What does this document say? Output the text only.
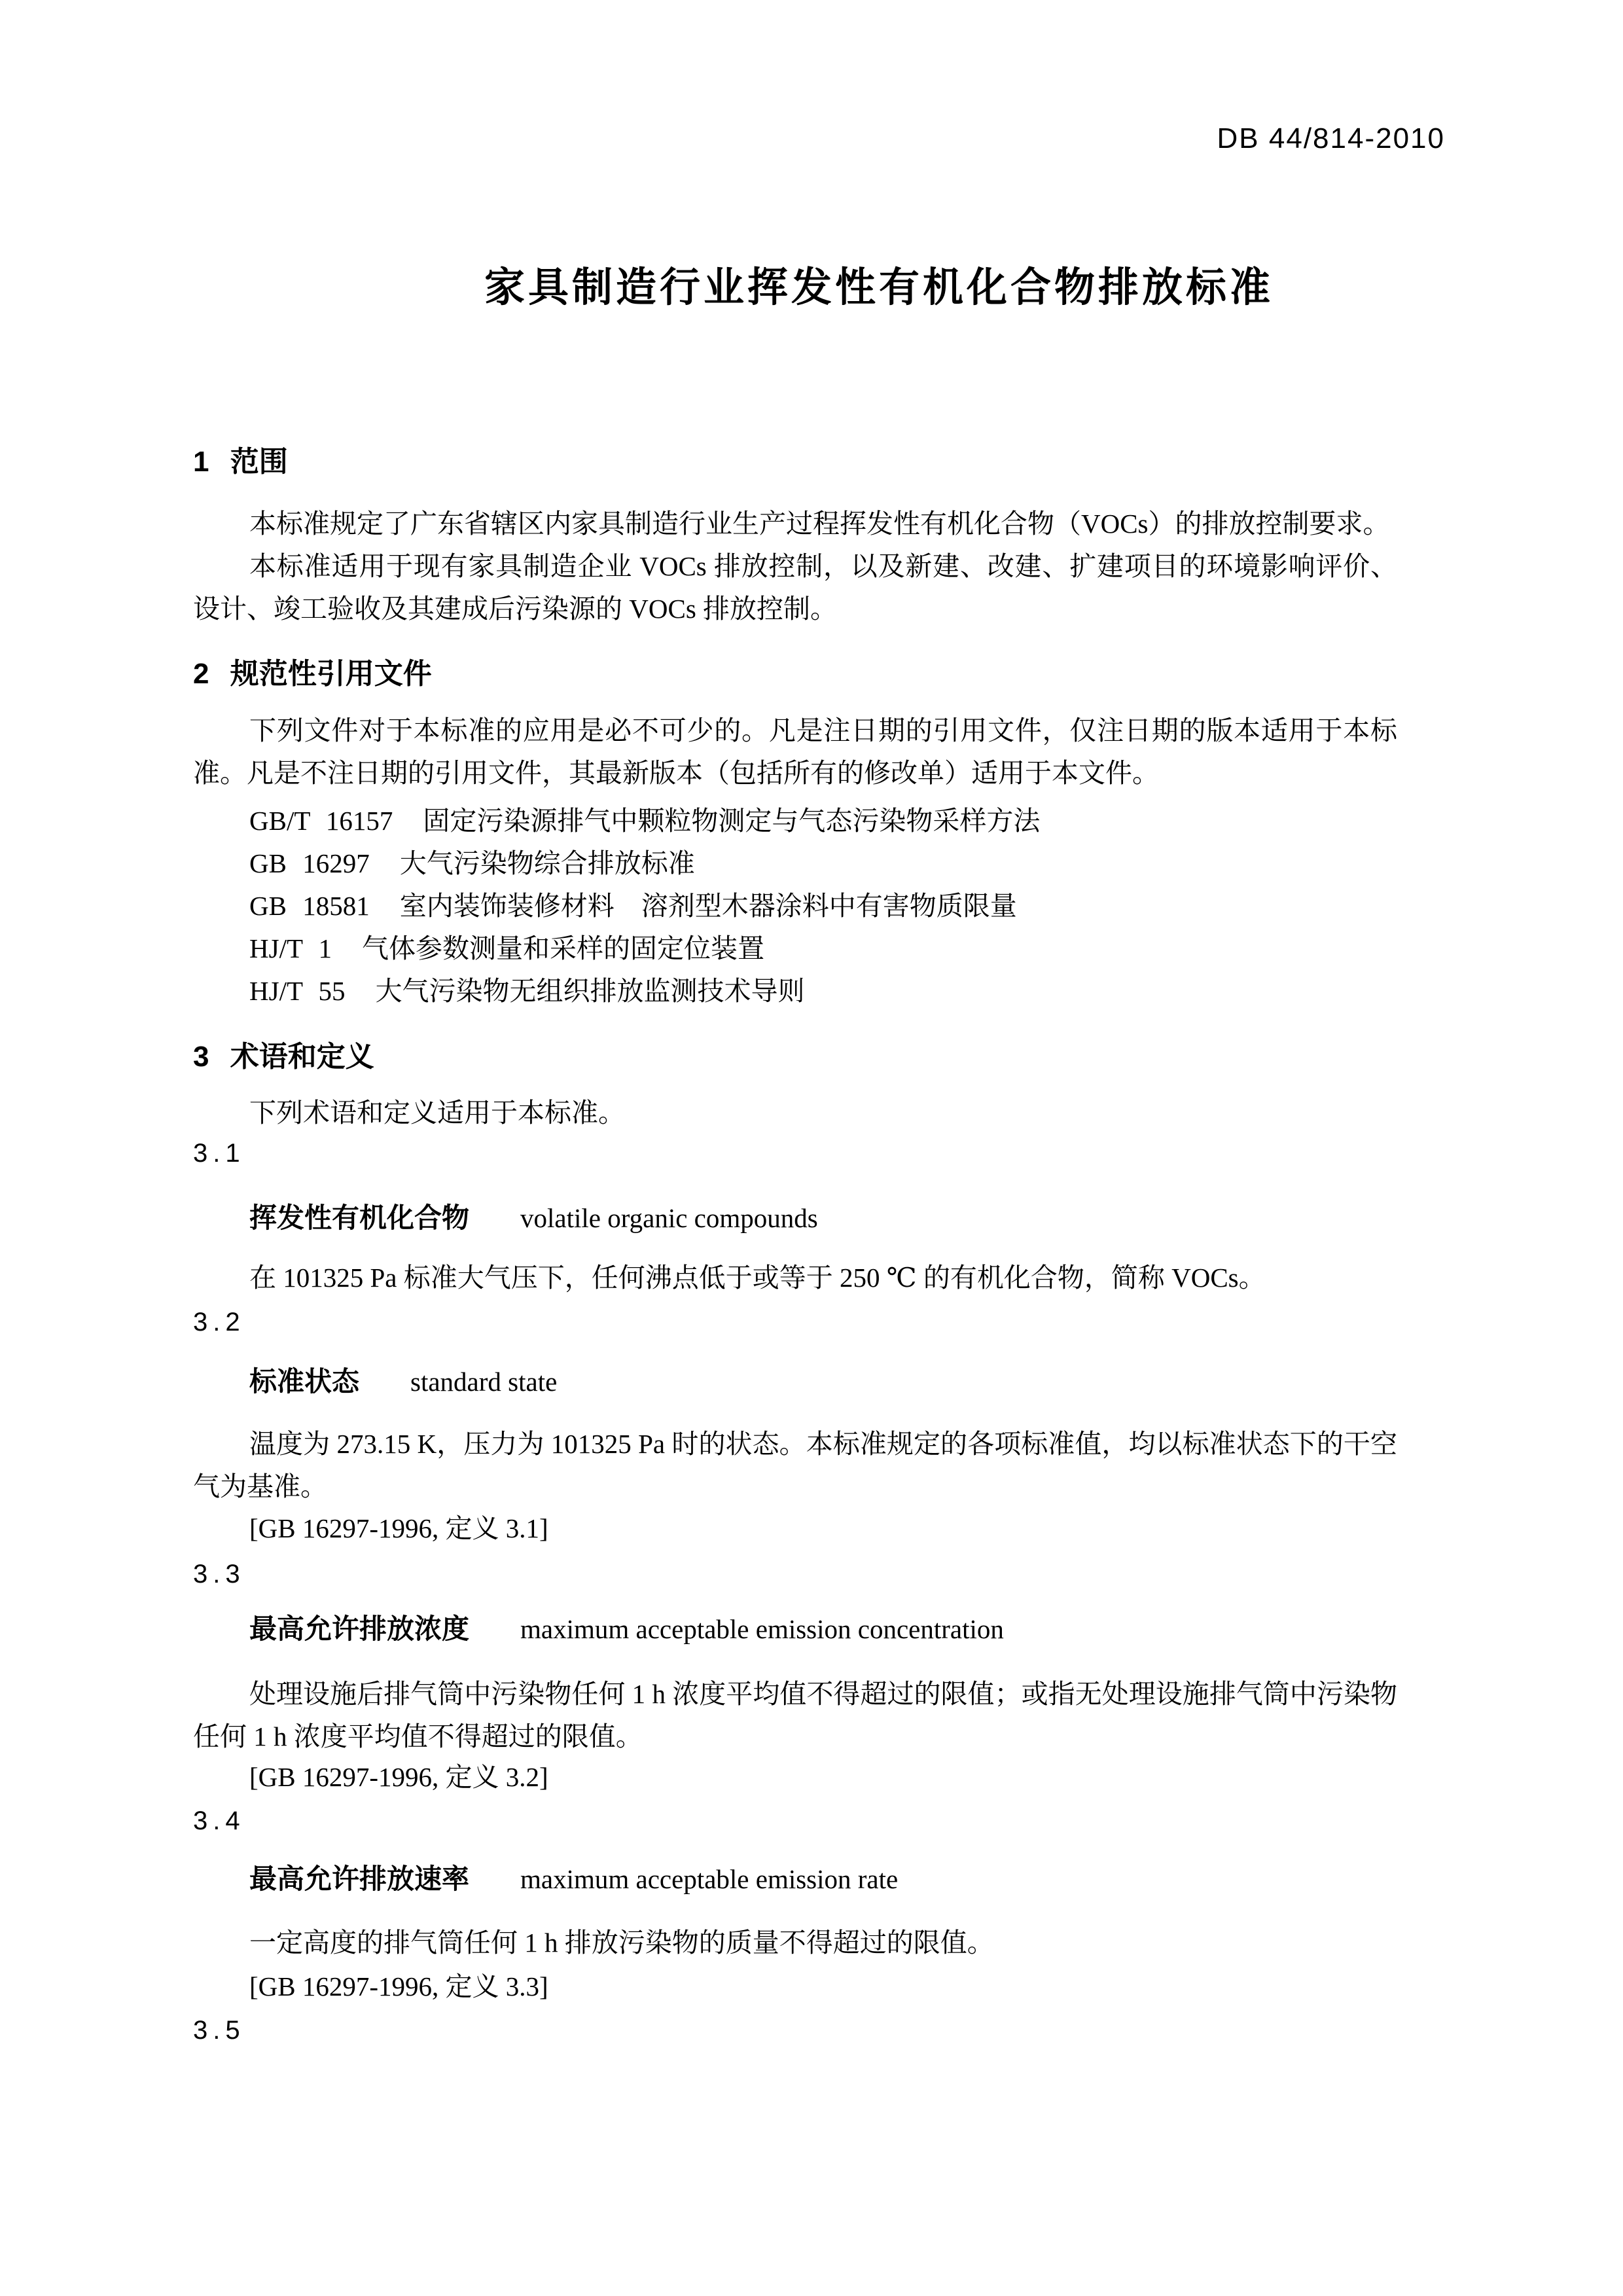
DB 44/814-2010
家具制造行业挥发性有机化合物排放标准
1 范围

本标准规定了广东省辖区内家具制造行业生产过程挥发性有机化合物（VOCs）的排放控制要求。

本标准适用于现有家具制造企业 VOCs 排放控制，以及新建、改建、扩建项目的环境影响评价、设计、竣工验收及其建成后污染源的 VOCs 排放控制。

2 规范性引用文件

下列文件对于本标准的应用是必不可少的。凡是注日期的引用文件，仅注日期的版本适用于本标准。凡是不注日期的引用文件，其最新版本（包括所有的修改单）适用于本文件。

GB/T 16157 固定污染源排气中颗粒物测定与气态污染物采样方法
GB 16297 大气污染物综合排放标准
GB 18581 室内装饰装修材料　溶剂型木器涂料中有害物质限量
HJ/T 1 气体参数测量和采样的固定位装置
HJ/T 55 大气污染物无组织排放监测技术导则
3 术语和定义

下列术语和定义适用于本标准。

3.1
挥发性有机化合物 volatile organic compounds

在 101325 Pa 标准大气压下，任何沸点低于或等于 250 ℃ 的有机化合物，简称 VOCs。

3.2
标准状态 standard state

温度为 273.15 K，压力为 101325 Pa 时的状态。本标准规定的各项标准值，均以标准状态下的干空气为基准。

[GB 16297-1996, 定义 3.1]
3.3
最高允许排放浓度 maximum acceptable emission concentration

处理设施后排气筒中污染物任何 1 h 浓度平均值不得超过的限值；或指无处理设施排气筒中污染物任何 1 h 浓度平均值不得超过的限值。

[GB 16297-1996, 定义 3.2]
3.4
最高允许排放速率 maximum acceptable emission rate

一定高度的排气筒任何 1 h 排放污染物的质量不得超过的限值。

[GB 16297-1996, 定义 3.3]
3.5
